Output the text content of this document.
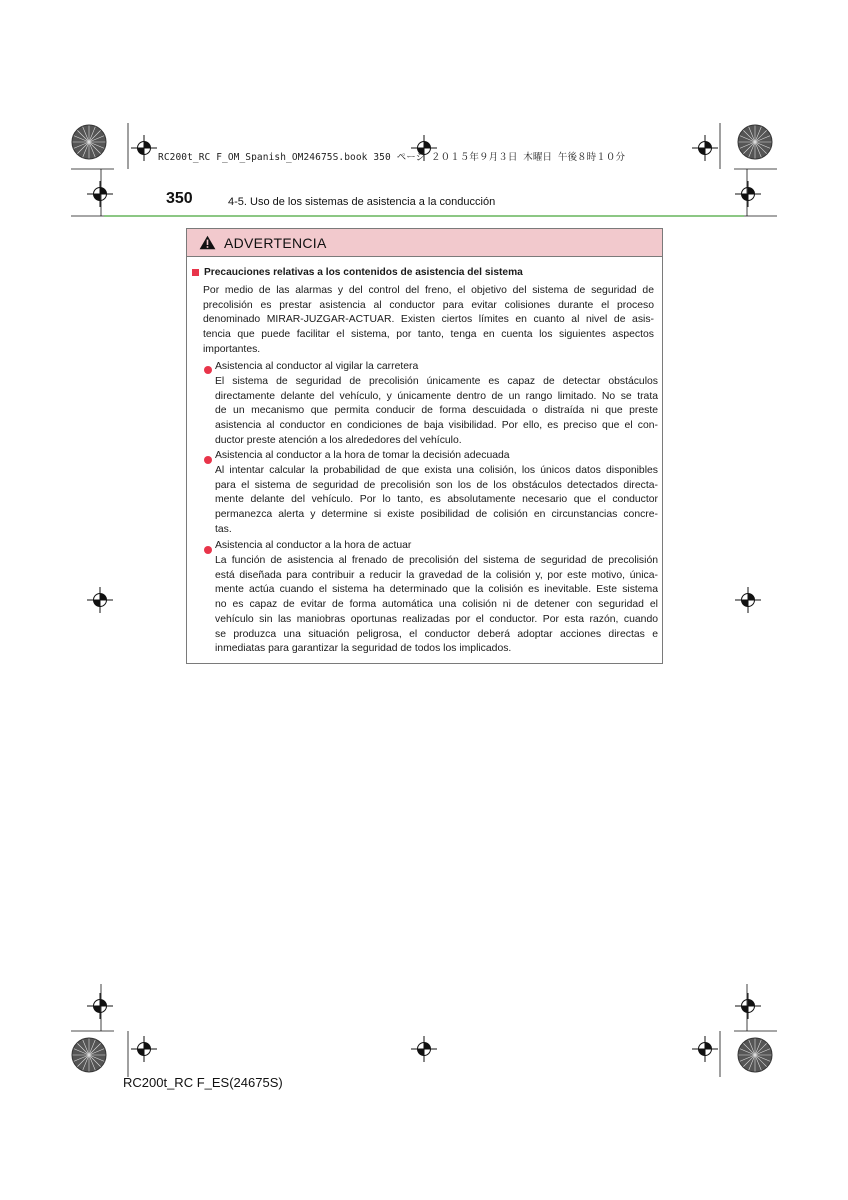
RC200t_RC F_OM_Spanish_OM24675S.book 350 ページ ２０１５年９月３日 木曜日 午後８時１０分
350	4-5. Uso de los sistemas de asistencia a la conducción
ADVERTENCIA
Precauciones relativas a los contenidos de asistencia del sistema
Por medio de las alarmas y del control del freno, el objetivo del sistema de seguridad de
precolisión es prestar asistencia al conductor para evitar colisiones durante el proceso
denominado MIRAR-JUZGAR-ACTUAR. Existen ciertos límites en cuanto al nivel de asis-
tencia que puede facilitar el sistema, por tanto, tenga en cuenta los siguientes aspectos
importantes.
Asistencia al conductor al vigilar la carretera
El sistema de seguridad de precolisión únicamente es capaz de detectar obstáculos
directamente delante del vehículo, y únicamente dentro de un rango limitado. No se trata
de un mecanismo que permita conducir de forma descuidada o distraída ni que preste
asistencia al conductor en condiciones de baja visibilidad. Por ello, es preciso que el con-
ductor preste atención a los alrededores del vehículo.
Asistencia al conductor a la hora de tomar la decisión adecuada
Al intentar calcular la probabilidad de que exista una colisión, los únicos datos disponibles
para el sistema de seguridad de precolisión son los de los obstáculos detectados directa-
mente delante del vehículo. Por lo tanto, es absolutamente necesario que el conductor
permanezca alerta y determine si existe posibilidad de colisión en circunstancias concre-
tas.
Asistencia al conductor a la hora de actuar
La función de asistencia al frenado de precolisión del sistema de seguridad de precolisión
está diseñada para contribuir a reducir la gravedad de la colisión y, por este motivo, única-
mente actúa cuando el sistema ha determinado que la colisión es inevitable. Este sistema
no es capaz de evitar de forma automática una colisión ni de detener con seguridad el
vehículo sin las maniobras oportunas realizadas por el conductor. Por esta razón, cuando
se produzca una situación peligrosa, el conductor deberá adoptar acciones directas e
inmediatas para garantizar la seguridad de todos los implicados.
RC200t_RC F_ES(24675S)
